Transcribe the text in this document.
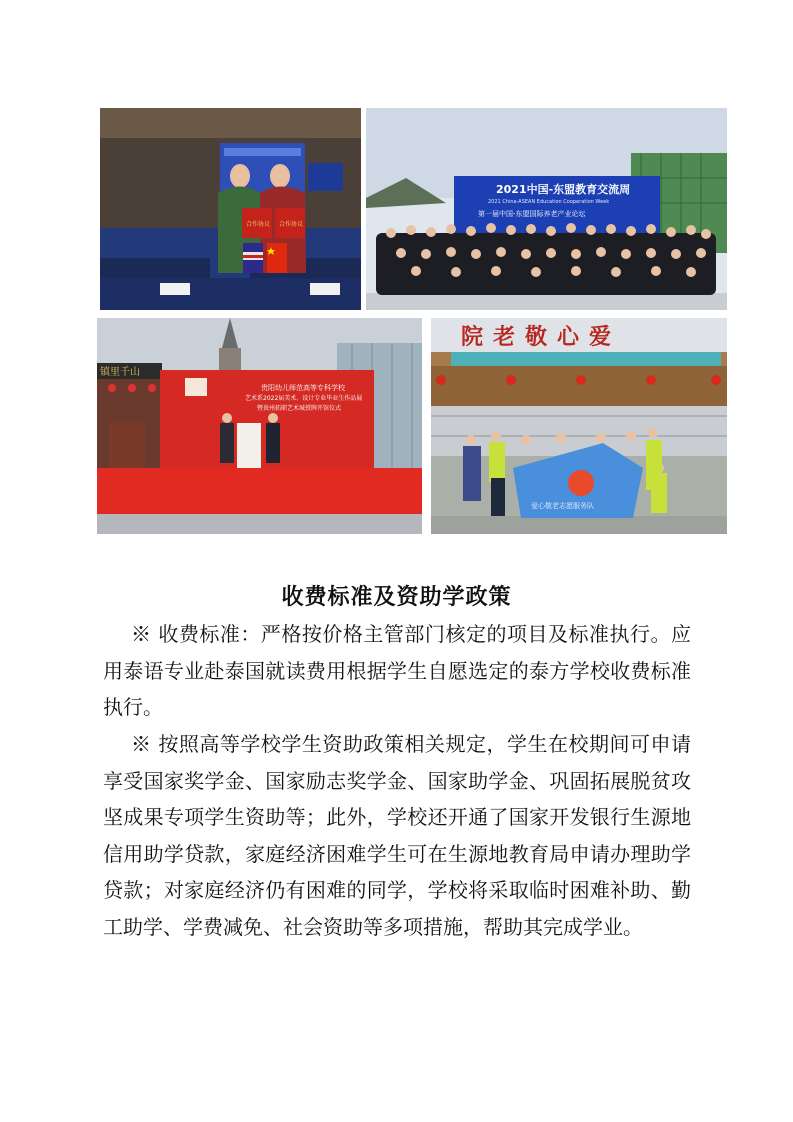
合作协议 合作协议
2021中国-东盟教育交流周
2021 China-ASEAN Education Cooperation Week
第一届中国-东盟国际养老产业论坛
镇里千山
贵阳幼儿师范高等专科学校
艺术系2022届美术、设计专业毕业生作品展
暨贵州拓职艺术城授牌开馆仪式
院老敬心爱
爱心敬老志愿服务队
收费标准及资助学政策

※ 收费标准：严格按价格主管部门核定的项目及标准执行。应用泰语专业赴泰国就读费用根据学生自愿选定的泰方学校收费标准执行。

※ 按照高等学校学生资助政策相关规定，学生在校期间可申请享受国家奖学金、国家励志奖学金、国家助学金、巩固拓展脱贫攻坚成果专项学生资助等；此外，学校还开通了国家开发银行生源地信用助学贷款，家庭经济困难学生可在生源地教育局申请办理助学贷款；对家庭经济仍有困难的同学，学校将采取临时困难补助、勤工助学、学费减免、社会资助等多项措施，帮助其完成学业。
